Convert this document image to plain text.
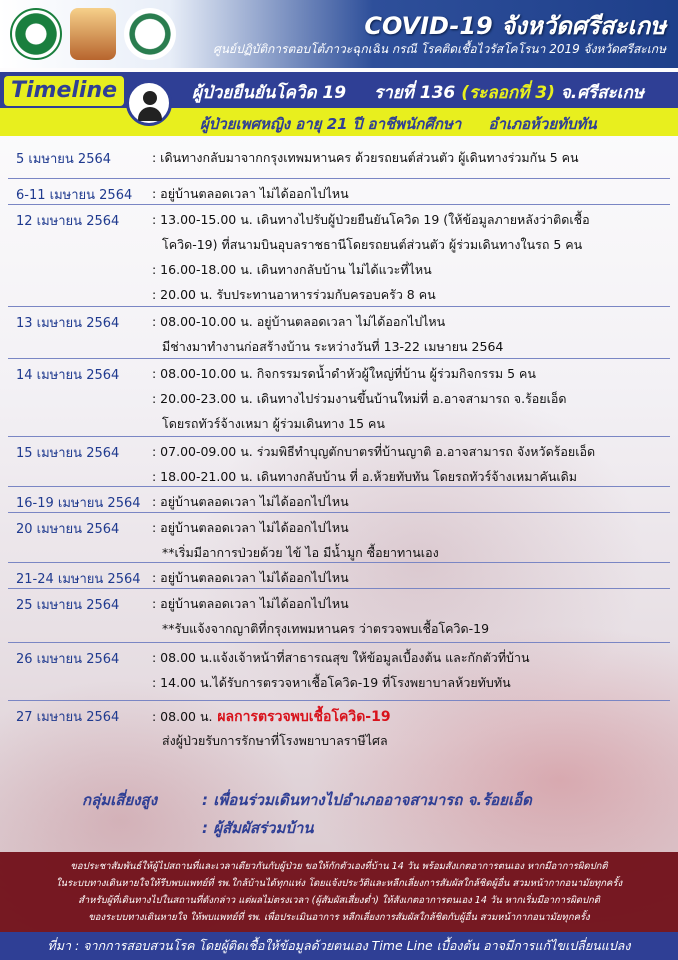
COVID-19 จังหวัดศรีสะเกษ
ศูนย์ปฏิบัติการตอบโต้ภาวะฉุกเฉิน กรณี โรคติดเชื้อไวรัสโคโรนา 2019 จังหวัดศรีสะเกษ
Timeline	ผู้ป่วยยืนยันโควิด 19 รายที่ 136 (ระลอกที่ 3) จ.ศรีสะเกษ
ผู้ป่วยเพศหญิง อายุ 21 ปี อาชีพนักศึกษา อำเภอห้วยทับทัน
5 เมษายน 2564	: เดินทางกลับมาจากกรุงเทพมหานคร ด้วยรถยนต์ส่วนตัว ผู้เดินทางร่วมกัน 5 คน
6-11 เมษายน 2564 : อยู่บ้านตลอดเวลา ไม่ได้ออกไปไหน
12 เมษายน 2564	: 13.00-15.00 น. เดินทางไปรับผู้ป่วยยืนยันโควิด 19 (ให้ข้อมูลภายหลังว่าติดเชื้อ
โควิด-19) ที่สนามบินอุบลราชธานีโดยรถยนต์ส่วนตัว ผู้ร่วมเดินทางในรถ 5 คน
: 16.00-18.00 น. เดินทางกลับบ้าน ไม่ได้แวะที่ไหน
: 20.00 น. รับประทานอาหารร่วมกับครอบครัว 8 คน
13 เมษายน 2564	: 08.00-10.00 น. อยู่บ้านตลอดเวลา ไม่ได้ออกไปไหน
มีช่างมาทำงานก่อสร้างบ้าน ระหว่างวันที่ 13-22 เมษายน 2564
14 เมษายน 2564	: 08.00-10.00 น. กิจกรรมรดน้ำดำหัวผู้ใหญ่ที่บ้าน ผู้ร่วมกิจกรรม 5 คน
: 20.00-23.00 น. เดินทางไปร่วมงานขึ้นบ้านใหม่ที่ อ.อาจสามารถ จ.ร้อยเอ็ด
โดยรถทัวร์จ้างเหมา ผู้ร่วมเดินทาง 15 คน
15 เมษายน 2564	: 07.00-09.00 น. ร่วมพิธีทำบุญตักบาตรที่บ้านญาติ อ.อาจสามารถ จังหวัดร้อยเอ็ด
: 18.00-21.00 น. เดินทางกลับบ้าน ที่ อ.ห้วยทับทัน โดยรถทัวร์จ้างเหมาคันเดิม
16-19 เมษายน 2564 : อยู่บ้านตลอดเวลา ไม่ได้ออกไปไหน
20 เมษายน 2564	: อยู่บ้านตลอดเวลา ไม่ได้ออกไปไหน
**เริ่มมีอาการป่วยด้วย ไข้ ไอ มีน้ำมูก ซื้อยาทานเอง
21-24 เมษายน 2564 : อยู่บ้านตลอดเวลา ไม่ได้ออกไปไหน
25 เมษายน 2564	: อยู่บ้านตลอดเวลา ไม่ได้ออกไปไหน
**รับแจ้งจากญาติที่กรุงเทพมหานคร ว่าตรวจพบเชื้อโควิด-19
26 เมษายน 2564	: 08.00 น.แจ้งเจ้าหน้าที่สาธารณสุข ให้ข้อมูลเบื้องต้น และกักตัวที่บ้าน
: 14.00 น.ได้รับการตรวจหาเชื้อโควิด-19 ที่โรงพยาบาลห้วยทับทัน
27 เมษายน 2564	: 08.00 น. ผลการตรวจพบเชื้อโควิด-19
ส่งผู้ป่วยรับการรักษาที่โรงพยาบาลราษีไศล
กลุ่มเสี่ยงสูง	: เพื่อนร่วมเดินทางไปอำเภออาจสามารถ จ.ร้อยเอ็ด
: ผู้สัมผัสร่วมบ้าน

ขอประชาสัมพันธ์ให้ผู้ไปสถานที่และเวลาเดียวกันกับผู้ป่วย ขอให้กักตัวเองที่บ้าน 14 วัน พร้อมสังเกตอาการตนเอง หากมีอาการผิดปกติ

ในระบบทางเดินหายใจให้รีบพบแพทย์ที่ รพ.ใกล้บ้านได้ทุกแห่ง โดยแจ้งประวัติและหลีกเลี่ยงการสัมผัสใกล้ชิดผู้อื่น สวมหน้ากากอนามัยทุกครั้ง

สำหรับผู้ที่เดินทางไปในสถานที่ดังกล่าว แต่ผลไม่ตรงเวลา (ผู้สัมผัสเสี่ยงต่ำ) ให้สังเกตอาการตนเอง 14 วัน หากเริ่มมีอาการผิดปกติ

ของระบบทางเดินหายใจ ให้พบแพทย์ที่ รพ. เพื่อประเมินอาการ หลีกเลี่ยงการสัมผัสใกล้ชิดกับผู้อื่น สวมหน้ากากอนามัยทุกครั้ง

ที่มา : จากการสอบสวนโรค โดยผู้ติดเชื้อให้ข้อมูลด้วยตนเอง Time Line เบื้องต้น อาจมีการแก้ไขเปลี่ยนแปลง
